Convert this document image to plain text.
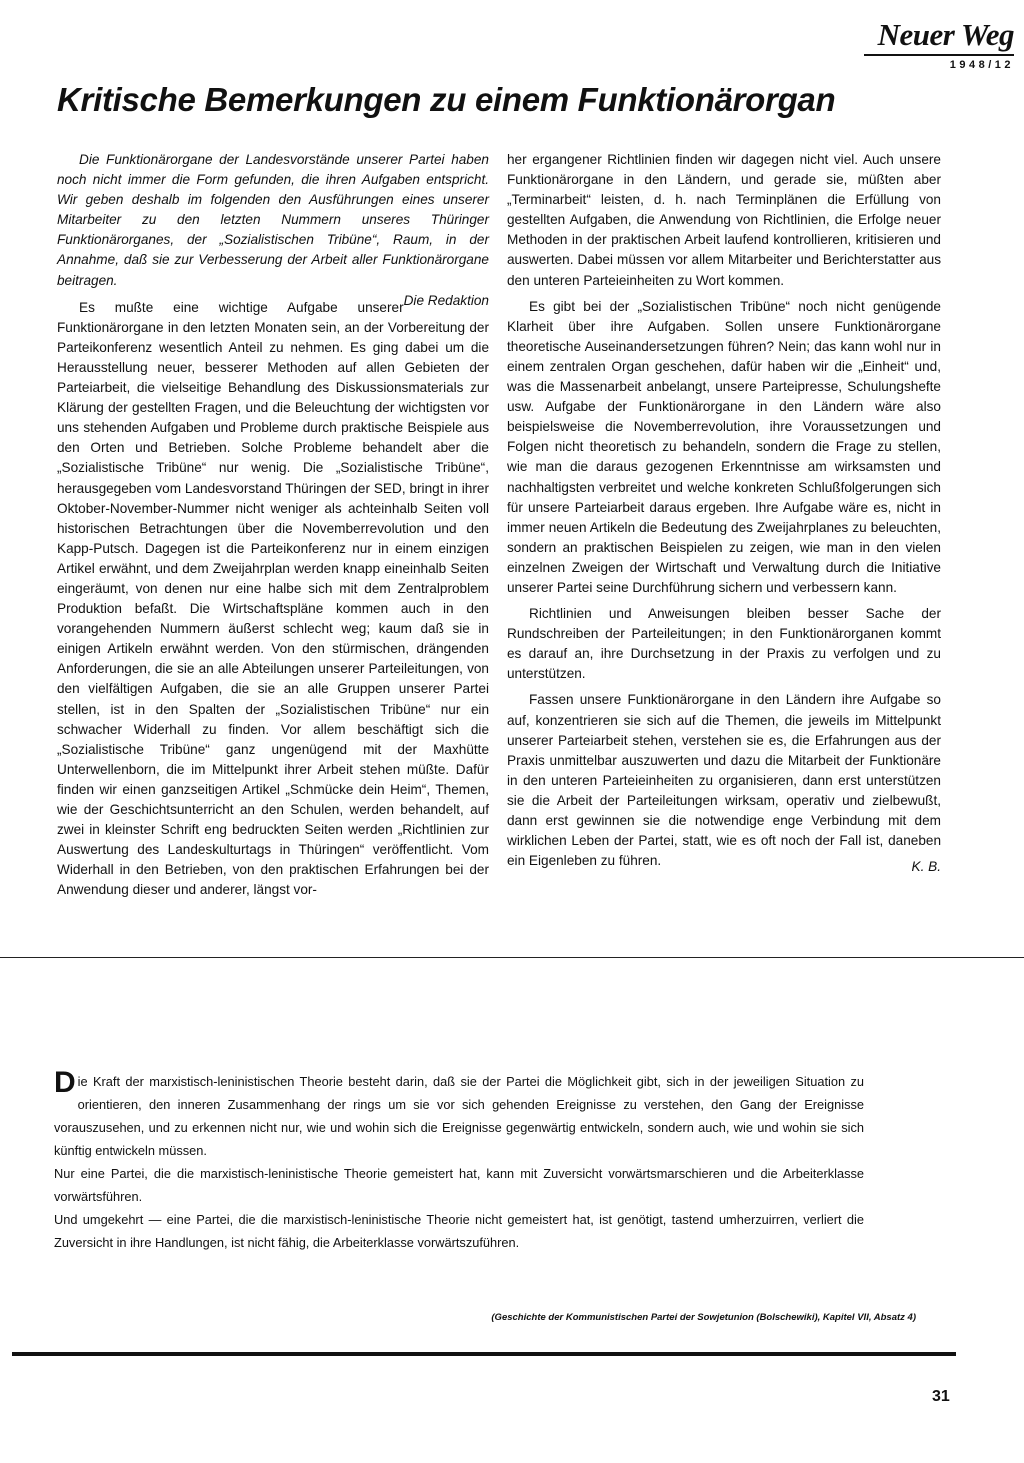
Neuer Weg
1948/12
Kritische Bemerkungen zu einem Funktionärorgan

Die Funktionärorgane der Landesvorstände unserer Partei haben noch nicht immer die Form gefunden, die ihren Aufgaben entspricht. Wir geben deshalb im folgenden den Ausführungen eines unserer Mitarbeiter zu den letzten Nummern unseres Thüringer Funktionärorganes, der „Sozialistischen Tribüne“, Raum, in der Annahme, daß sie zur Verbesserung der Arbeit aller Funktionärorgane beitragen.

Die Redaktion

Es mußte eine wichtige Aufgabe unserer Funktionärorgane in den letzten Monaten sein, an der Vorbereitung der Parteikonferenz wesentlich Anteil zu nehmen. Es ging dabei um die Herausstellung neuer, besserer Methoden auf allen Gebieten der Parteiarbeit, die vielseitige Behandlung des Diskussionsmaterials zur Klärung der gestellten Fragen, und die Beleuchtung der wichtigsten vor uns stehenden Aufgaben und Probleme durch praktische Beispiele aus den Orten und Betrieben. Solche Probleme behandelt aber die „Sozialistische Tribüne“ nur wenig. Die „Sozialistische Tribüne“, herausgegeben vom Landesvorstand Thüringen der SED, bringt in ihrer Oktober-November-Nummer nicht weniger als achteinhalb Seiten voll historischen Betrachtungen über die Novemberrevolution und den Kapp-Putsch. Dagegen ist die Parteikonferenz nur in einem einzigen Artikel erwähnt, und dem Zweijahrplan werden knapp eineinhalb Seiten eingeräumt, von denen nur eine halbe sich mit dem Zentralproblem Produktion befaßt. Die Wirtschaftspläne kommen auch in den vorangehenden Nummern äußerst schlecht weg; kaum daß sie in einigen Artikeln erwähnt werden. Von den stürmischen, drängenden Anforderungen, die sie an alle Abteilungen unserer Parteileitungen, von den vielfältigen Aufgaben, die sie an alle Gruppen unserer Partei stellen, ist in den Spalten der „Sozialistischen Tribüne“ nur ein schwacher Widerhall zu finden. Vor allem beschäftigt sich die „Sozialistische Tribüne“ ganz ungenügend mit der Maxhütte Unterwellenborn, die im Mittelpunkt ihrer Arbeit stehen müßte. Dafür finden wir einen ganzseitigen Artikel „Schmücke dein Heim“, Themen, wie der Geschichtsunterricht an den Schulen, werden behandelt, auf zwei in kleinster Schrift eng bedruckten Seiten werden „Richtlinien zur Auswertung des Landeskulturtags in Thüringen“ veröffentlicht. Vom Widerhall in den Betrieben, von den praktischen Erfahrungen bei der Anwendung dieser und anderer, längst vor-

her ergangener Richtlinien finden wir dagegen nicht viel. Auch unsere Funktionärorgane in den Ländern, und gerade sie, müßten aber „Terminarbeit“ leisten, d. h. nach Terminplänen die Erfüllung von gestellten Aufgaben, die Anwendung von Richtlinien, die Erfolge neuer Methoden in der praktischen Arbeit laufend kontrollieren, kritisieren und auswerten. Dabei müssen vor allem Mitarbeiter und Berichterstatter aus den unteren Parteieinheiten zu Wort kommen.

Es gibt bei der „Sozialistischen Tribüne“ noch nicht genügende Klarheit über ihre Aufgaben. Sollen unsere Funktionärorgane theoretische Auseinandersetzungen führen? Nein; das kann wohl nur in einem zentralen Organ geschehen, dafür haben wir die „Einheit“ und, was die Massenarbeit anbelangt, unsere Parteipresse, Schulungshefte usw. Aufgabe der Funktionärorgane in den Ländern wäre also beispielsweise die Novemberrevolution, ihre Voraussetzungen und Folgen nicht theoretisch zu behandeln, sondern die Frage zu stellen, wie man die daraus gezogenen Erkenntnisse am wirksamsten und nachhaltigsten verbreitet und welche konkreten Schlußfolgerungen sich für unsere Parteiarbeit daraus ergeben. Ihre Aufgabe wäre es, nicht in immer neuen Artikeln die Bedeutung des Zweijahrplanes zu beleuchten, sondern an praktischen Beispielen zu zeigen, wie man in den vielen einzelnen Zweigen der Wirtschaft und Verwaltung durch die Initiative unserer Partei seine Durchführung sichern und verbessern kann.

Richtlinien und Anweisungen bleiben besser Sache der Rundschreiben der Parteileitungen; in den Funktionärorganen kommt es darauf an, ihre Durchsetzung in der Praxis zu verfolgen und zu unterstützen.

Fassen unsere Funktionärorgane in den Ländern ihre Aufgabe so auf, konzentrieren sie sich auf die Themen, die jeweils im Mittelpunkt unserer Parteiarbeit stehen, verstehen sie es, die Erfahrungen aus der Praxis unmittelbar auszuwerten und dazu die Mitarbeit der Funktionäre in den unteren Parteieinheiten zu organisieren, dann erst unterstützen sie die Arbeit der Parteileitungen wirksam, operativ und zielbewußt, dann erst gewinnen sie die notwendige enge Verbindung mit dem wirklichen Leben der Partei, statt, wie es oft noch der Fall ist, daneben ein Eigenleben zu führen.	K. B.

Die Kraft der marxistisch-leninistischen Theorie besteht darin, daß sie der Partei die Möglichkeit gibt, sich in der jeweiligen Situation zu orientieren, den inneren Zusammenhang der rings um sie vor sich gehenden Ereignisse zu verstehen, den Gang der Ereignisse vorauszusehen, und zu erkennen nicht nur, wie und wohin sich die Ereignisse gegenwärtig entwickeln, sondern auch, wie und wohin sie sich künftig entwickeln müssen.

Nur eine Partei, die die marxistisch-leninistische Theorie gemeistert hat, kann mit Zuversicht vorwärtsmarschieren und die Arbeiterklasse vorwärtsführen.

Und umgekehrt — eine Partei, die die marxistisch-leninistische Theorie nicht gemeistert hat, ist genötigt, tastend umherzuirren, verliert die Zuversicht in ihre Handlungen, ist nicht fähig, die Arbeiterklasse vorwärtszuführen.

(Geschichte der Kommunistischen Partei der Sowjetunion (Bolschewiki), Kapitel VII, Absatz 4)
31
